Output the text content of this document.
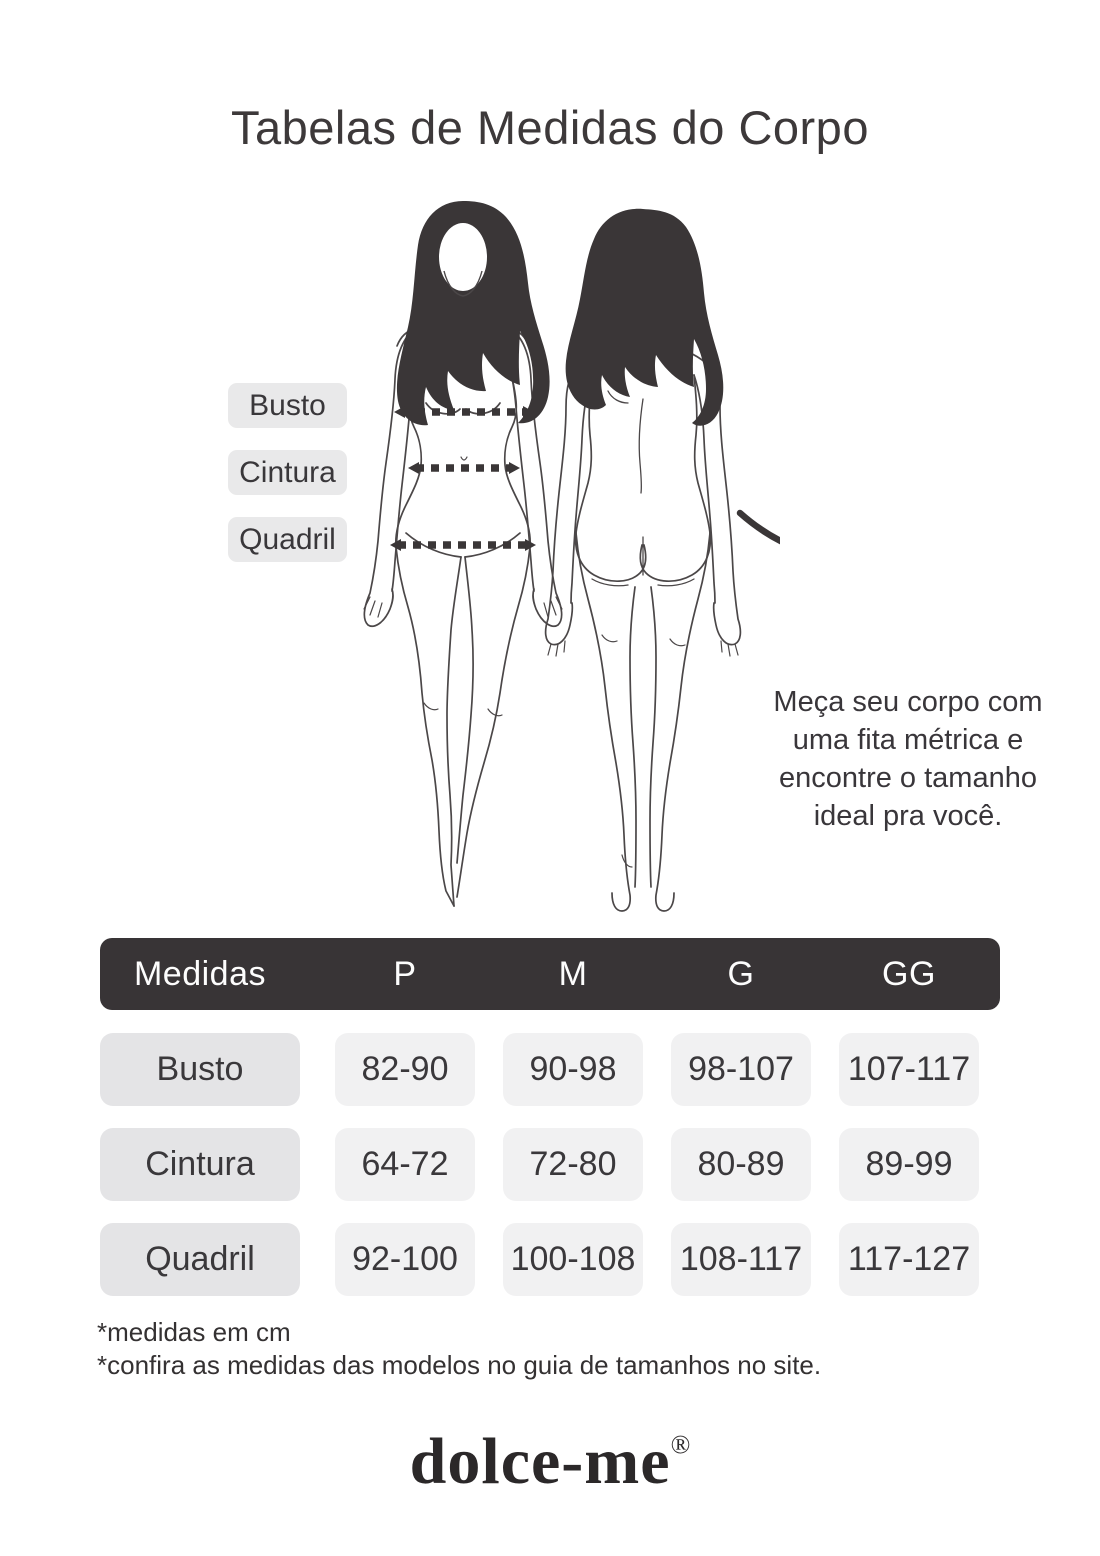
Tabelas de Medidas do Corpo
Busto
Cintura
Quadril
Meça seu corpo com
uma fita métrica e
encontre o tamanho
ideal pra você.
Medidas	P	M	G	GG
Busto	82-90	90-98	98-107	107-117
Cintura	64-72	72-80	80-89	89-99
Quadril	92-100	100-108 108-117 117-127
*medidas em cm
*confira as medidas das modelos no guia de tamanhos no site.
dolce-me®
